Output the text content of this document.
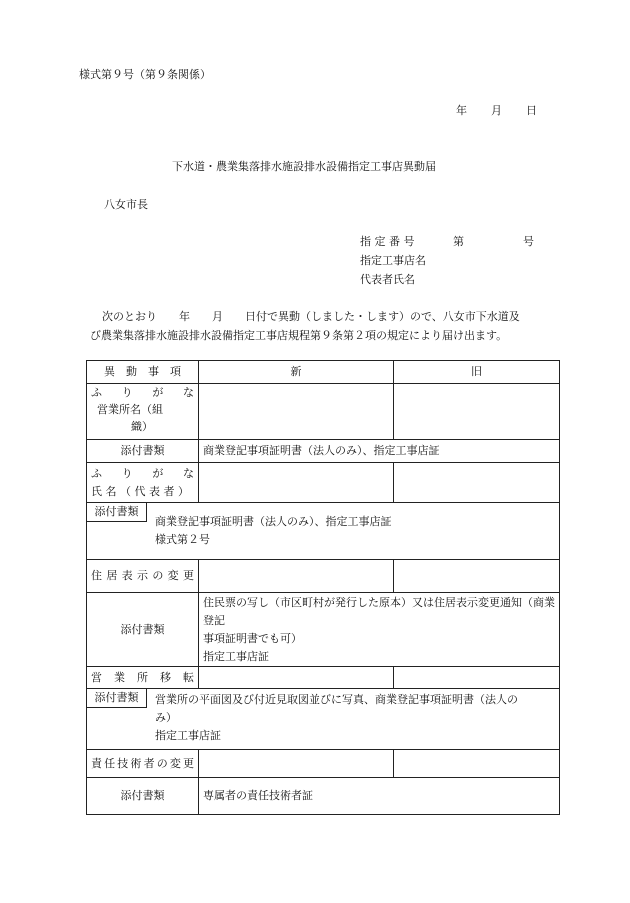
様式第９号（第９条関係）
年 月 日
下水道・農業集落排水施設排水設備指定工事店異動届
八女市長
指 定 番 号	第	号
指定工事店名
代表者氏名
次のとおり　　年　　月　　日付で異動（しました・します）ので、八女市下水道及
び農業集落排水施設排水設備指定工事店規程第９条第２項の規定により届け出ます。
異　動　事　項	新	旧

ふ　り　が　な
営業所名（組
織）		

添付書類	商業登記事項証明書（法人のみ）、指定工事店証	

ふ　り　が　な
氏 名 （ 代 表 者 ）		

添付書類
商業登記事項証明書（法人のみ）、指定工事店証
様式第２号		

住居表示の変更		
添付書類	住民票の写し（市区町村が発行した原本）又は住居表示変更通知（商業登記
事項証明書でも可）
指定工事店証	

営　業　所　移　転		

添付書類 営業所の平面図及び付近見取図並びに写真、商業登記事項証明書（法人の
み）
指定工事店証		

責任技術者の変更		
添付書類	専属者の責任技術者証	
